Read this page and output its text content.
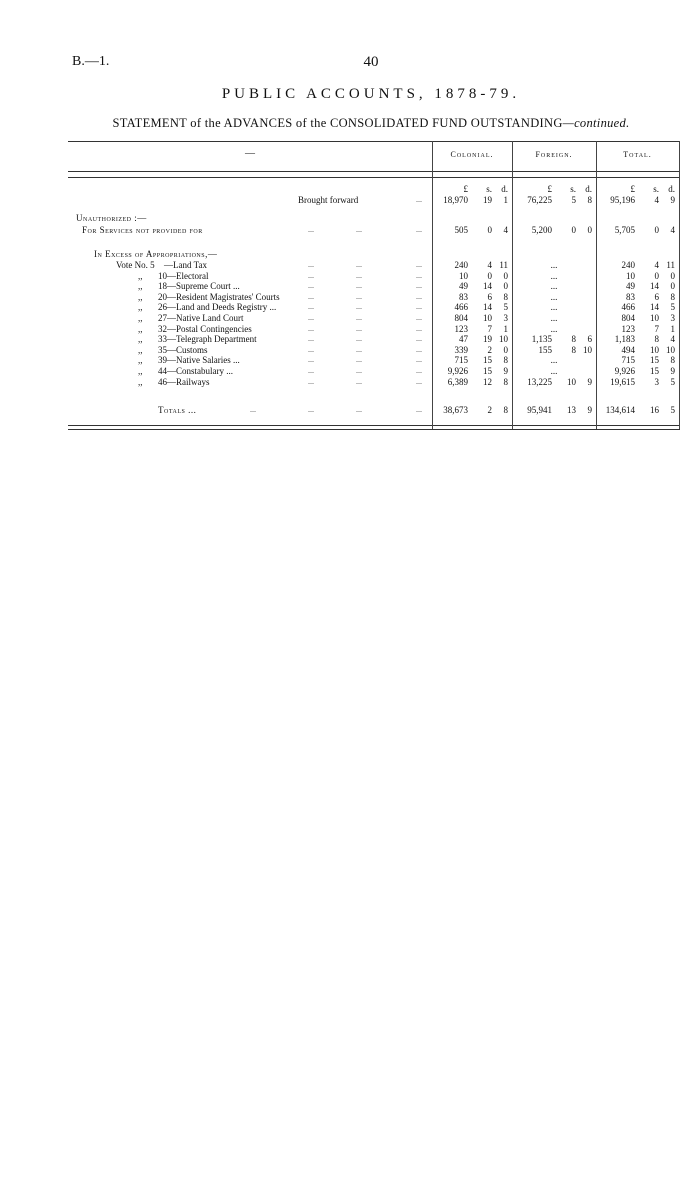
B.—1.	40
PUBLIC ACCOUNTS, 1878-79.
STATEMENT of the ADVANCES of the CONSOLIDATED FUND OUTSTANDING—continued.
—	Colonial.	Foreign.	Total.
£	s.	d.	£	s.	d.	£	s.	d.
Brought forward	...	18,970	19	1	76,225	5	8	95,196	4	9
Unauthorized :—
For Services not provided for	...	...	...	505	0	4	5,200	0	0	5,705	0	4
In Excess of Appropriations,—
Vote No. 5 —Land Tax	...	...	...	240	4 11	...	240	4 11
,, 10—Electoral	...	...	...	10	0	0	...	10	0	0
,, 18—Supreme Court ...	...	...	...	49	14	0	...	49	14	0
,, 20—Resident Magistrates' Courts	...	...	...	83	6	8	...	83	6	8
,, 26—Land and Deeds Registry ...	...	...	...	466	14	5	...	466	14	5
,, 27—Native Land Court	...	...	...	804	10	3	...	804	10	3
,, 32—Postal Contingencies	...	...	...	123	7	1	...	123	7	1
,, 33—Telegraph Department	...	...	...	47	19 10	1,135	8	6	1,183	8	4
,, 35—Customs	...	...	...	339	2	0	155	8 10	494	10 10
,, 39—Native Salaries ...	...	...	...	715	15	8	...	715	15	8
,, 44—Constabulary ...	...	...	...	9,926	15	9	...	9,926	15	9
,, 46—Railways	...	...	...	6,389	12	8	13,225	10	9	19,615	3	5
Totals ...	...	...	...	...	38,673	2	8	95,941	13	9	134,614	16	5
